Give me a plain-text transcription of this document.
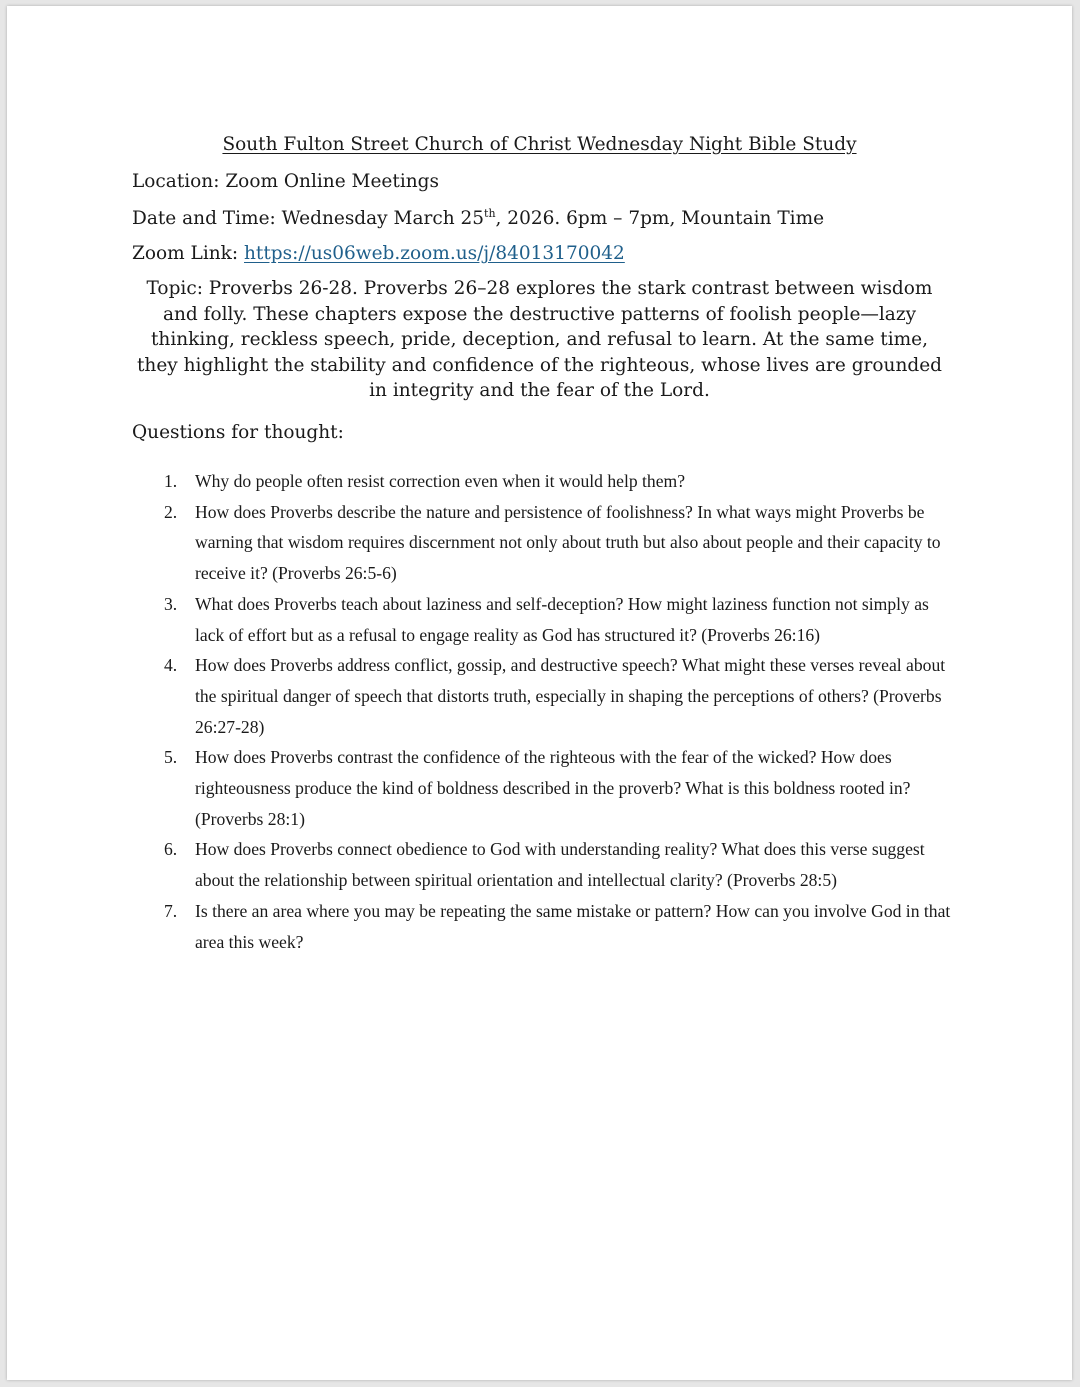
South Fulton Street Church of Christ Wednesday Night Bible Study
Location: Zoom Online Meetings
Date and Time: Wednesday March 25th, 2026. 6pm – 7pm, Mountain Time
Zoom Link: https://us06web.zoom.us/j/84013170042
Topic: Proverbs 26-28. Proverbs 26–28 explores the stark contrast between wisdom and folly. These chapters expose the destructive patterns of foolish people—lazy thinking, reckless speech, pride, deception, and refusal to learn. At the same time, they highlight the stability and confidence of the righteous, whose lives are grounded in integrity and the fear of the Lord.
Questions for thought:
1. Why do people often resist correction even when it would help them?
2. How does Proverbs describe the nature and persistence of foolishness? In what ways might Proverbs be warning that wisdom requires discernment not only about truth but also about people and their capacity to receive it? (Proverbs 26:5-6)
3. What does Proverbs teach about laziness and self-deception? How might laziness function not simply as lack of effort but as a refusal to engage reality as God has structured it? (Proverbs 26:16)
4. How does Proverbs address conflict, gossip, and destructive speech? What might these verses reveal about the spiritual danger of speech that distorts truth, especially in shaping the perceptions of others? (Proverbs 26:27-28)
5. How does Proverbs contrast the confidence of the righteous with the fear of the wicked? How does righteousness produce the kind of boldness described in the proverb? What is this boldness rooted in? (Proverbs 28:1)
6. How does Proverbs connect obedience to God with understanding reality? What does this verse suggest about the relationship between spiritual orientation and intellectual clarity? (Proverbs 28:5)
7. Is there an area where you may be repeating the same mistake or pattern? How can you involve God in that area this week?
